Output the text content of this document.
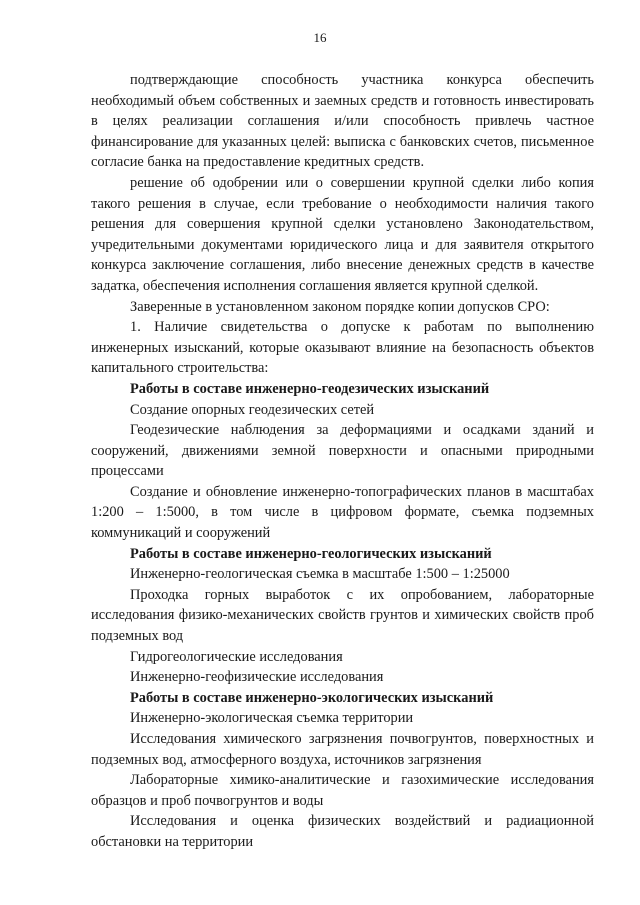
16

подтверждающие способность участника конкурса обеспечить необходимый объем собственных и заемных средств и готовность инвестировать в целях реализации соглашения и/или способность привлечь частное финансирование для указанных целей: выписка с банковских счетов, письменное согласие банка на предоставление кредитных средств.

решение об одобрении или о совершении крупной сделки либо копия такого решения в случае, если требование о необходимости наличия такого решения для совершения крупной сделки установлено Законодательством, учредительными документами юридического лица и для заявителя открытого конкурса заключение соглашения, либо внесение денежных средств в качестве задатка, обеспечения исполнения соглашения является крупной сделкой.

Заверенные в установленном законом порядке копии допусков СРО:

1. Наличие свидетельства о допуске к работам по выполнению инженерных изысканий, которые оказывают влияние на безопасность объектов капитального строительства:

Работы в составе инженерно-геодезических изысканий

Создание опорных геодезических сетей

Геодезические наблюдения за деформациями и осадками зданий и сооружений, движениями земной поверхности и опасными природными процессами

Создание и обновление инженерно-топографических планов в масштабах 1:200 – 1:5000, в том числе в цифровом формате, съемка подземных коммуникаций и сооружений

Работы в составе инженерно-геологических изысканий

Инженерно-геологическая съемка в масштабе 1:500 – 1:25000

Проходка горных выработок с их опробованием, лабораторные исследования физико-механических свойств грунтов и химических свойств проб подземных вод

Гидрогеологические исследования

Инженерно-геофизические исследования

Работы в составе инженерно-экологических изысканий

Инженерно-экологическая съемка территории

Исследования химического загрязнения почвогрунтов, поверхностных и подземных вод, атмосферного воздуха, источников загрязнения

Лабораторные химико-аналитические и газохимические исследования образцов и проб почвогрунтов и воды

Исследования и оценка физических воздействий и радиационной обстановки на территории
